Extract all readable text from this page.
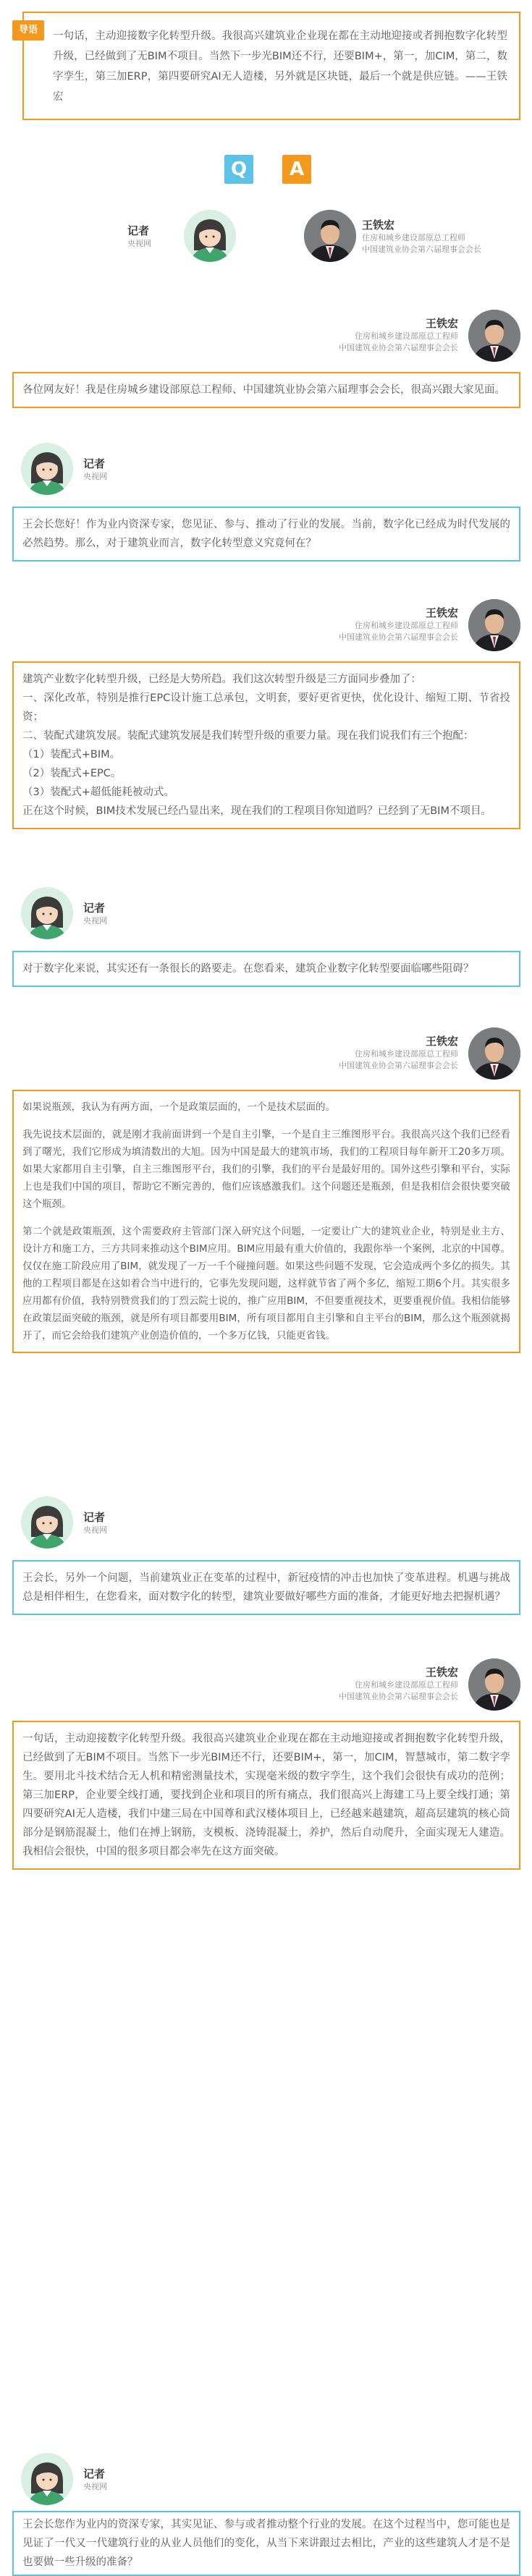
导语
一句话，主动迎接数字化转型升级。我很高兴建筑业企业现在都在主动地迎接或者拥抱数字化转型升级，已经做到了无BIM不项目。当然下一步光BIM还不行，还要BIM+，第一，加CIM，第二，数字孪生，第三加ERP，第四要研究AI无人造楼，另外就是区块链，最后一个就是供应链。——王铁宏
Q	A
记者
央视网
王铁宏
住房和城乡建设部原总工程师
中国建筑业协会第六届理事会会长
王铁宏
住房和城乡建设部原总工程师
中国建筑业协会第六届理事会会长

各位网友好！我是住房城乡建设部原总工程师、中国建筑业协会第六届理事会会长，很高兴跟大家见面。

记者
央视网

王会长您好！作为业内资深专家，您见证、参与、推动了行业的发展。当前，数字化已经成为时代发展的必然趋势。那么，对于建筑业而言，数字化转型意义究竟何在？

王铁宏
住房和城乡建设部原总工程师
中国建筑业协会第六届理事会会长
建筑产业数字化转型升级，已经是大势所趋。我们这次转型升级是三方面同步叠加了：
一、深化改革，特别是推行EPC设计施工总承包，文明套，要好更省更快，优化设计、缩短工期、节省投资；
二、装配式建筑发展。装配式建筑发展是我们转型升级的重要力量。现在我们说我们有三个抱配：
（1）装配式+BIM。
（2）装配式+EPC。
（3）装配式+超低能耗被动式。
正在这个时候，BIM技术发展已经凸显出来，现在我们的工程项目你知道吗？已经到了无BIM不项目。
记者
央视网

对于数字化来说，其实还有一条很长的路要走。在您看来，建筑企业数字化转型要面临哪些阻碍？

王铁宏
住房和城乡建设部原总工程师
中国建筑业协会第六届理事会会长

如果说瓶颈，我认为有两方面，一个是政策层面的，一个是技术层面的。

我先说技术层面的，就是刚才我前面讲到一个是自主引擎，一个是自主三维图形平台。我很高兴这个我们已经看到了曙光，我们它形成为填清数出的大旭。因为中国是最大的建筑市场，我们的工程项目每年新开工20多万项。如果大家都用自主引擎，自主三维图形平台，我们的引擎，我们的平台是最好用的。国外这些引擎和平台，实际上也是我们中国的项目，帮助它不断完善的，他们应该感激我们。这个问题还是瓶颈，但是我相信会很快要突破这个瓶颈。

第二个就是政策瓶颈，这个需要政府主管部门深入研究这个问题，一定要让广大的建筑业企业，特别是业主方、设计方和施工方，三方共同来推动这个BIM应用。BIM应用最有重大价值的，我跟你举一个案例，北京的中国尊。仅仅在施工阶段应用了BIM，就发现了一万一千个碰撞问题。如果这些问题不发现，它会造成两个多亿的损失。其他的工程项目都是在这如着合当中进行的，它事先发现问题，这样就节省了两个多亿，缩短工期6个月。其实很多应用都有价值，我特别赞赏我们的丁烈云院士说的，推广应用BIM，不但要重视技术，更要重视价值。我相信能够在政策层面突破的瓶颈，就是所有项目都要用BIM，所有项目都用自主引擎和自主平台的BIM，那么这个瓶颈就揭开了，而它会给我们建筑产业创造价值的，一个多万亿钱，只能更省钱。

记者
央视网

王会长，另外一个问题，当前建筑业正在变革的过程中，新冠疫情的冲击也加快了变革进程。机遇与挑战总是相伴相生，在您看来，面对数字化的转型，建筑业要做好哪些方面的准备，才能更好地去把握机遇？

王铁宏
住房和城乡建设部原总工程师
中国建筑业协会第六届理事会会长

一句话，主动迎接数字化转型升级。我很高兴建筑业企业现在都在主动地迎接或者拥抱数字化转型升级，已经做到了无BIM不项目。当然下一步光BIM还不行，还要BIM+，第一，加CIM，智慧城市，第二数字孪生。要用北斗技术结合无人机和精密测量技术，实现毫米级的数字孪生，这个我们会很快有成功的范例；第三加ERP，企业要全线打通，要找到企业和项目的所有痛点，我们很高兴上海建工马上要全线打通；第四要研究AI无人造楼，我们中建三局在中国尊和武汉楼体项目上，已经越来越建筑，超高层建筑的核心筒部分是钢筋混凝土，他们在搏上钢筋，支模板、浇铸混凝土，养护，然后自动爬升，全面实现无人建造。我相信会很快，中国的很多项目都会率先在这方面突破。

记者
央视网

王会长您作为业内的资深专家，其实见证、参与或者推动整个行业的发展。在这个过程当中，您可能也是见证了一代又一代建筑行业的从业人员他们的变化，从当下来讲跟过去相比，产业的这些建筑人才是不是也要做一些升级的准备？
